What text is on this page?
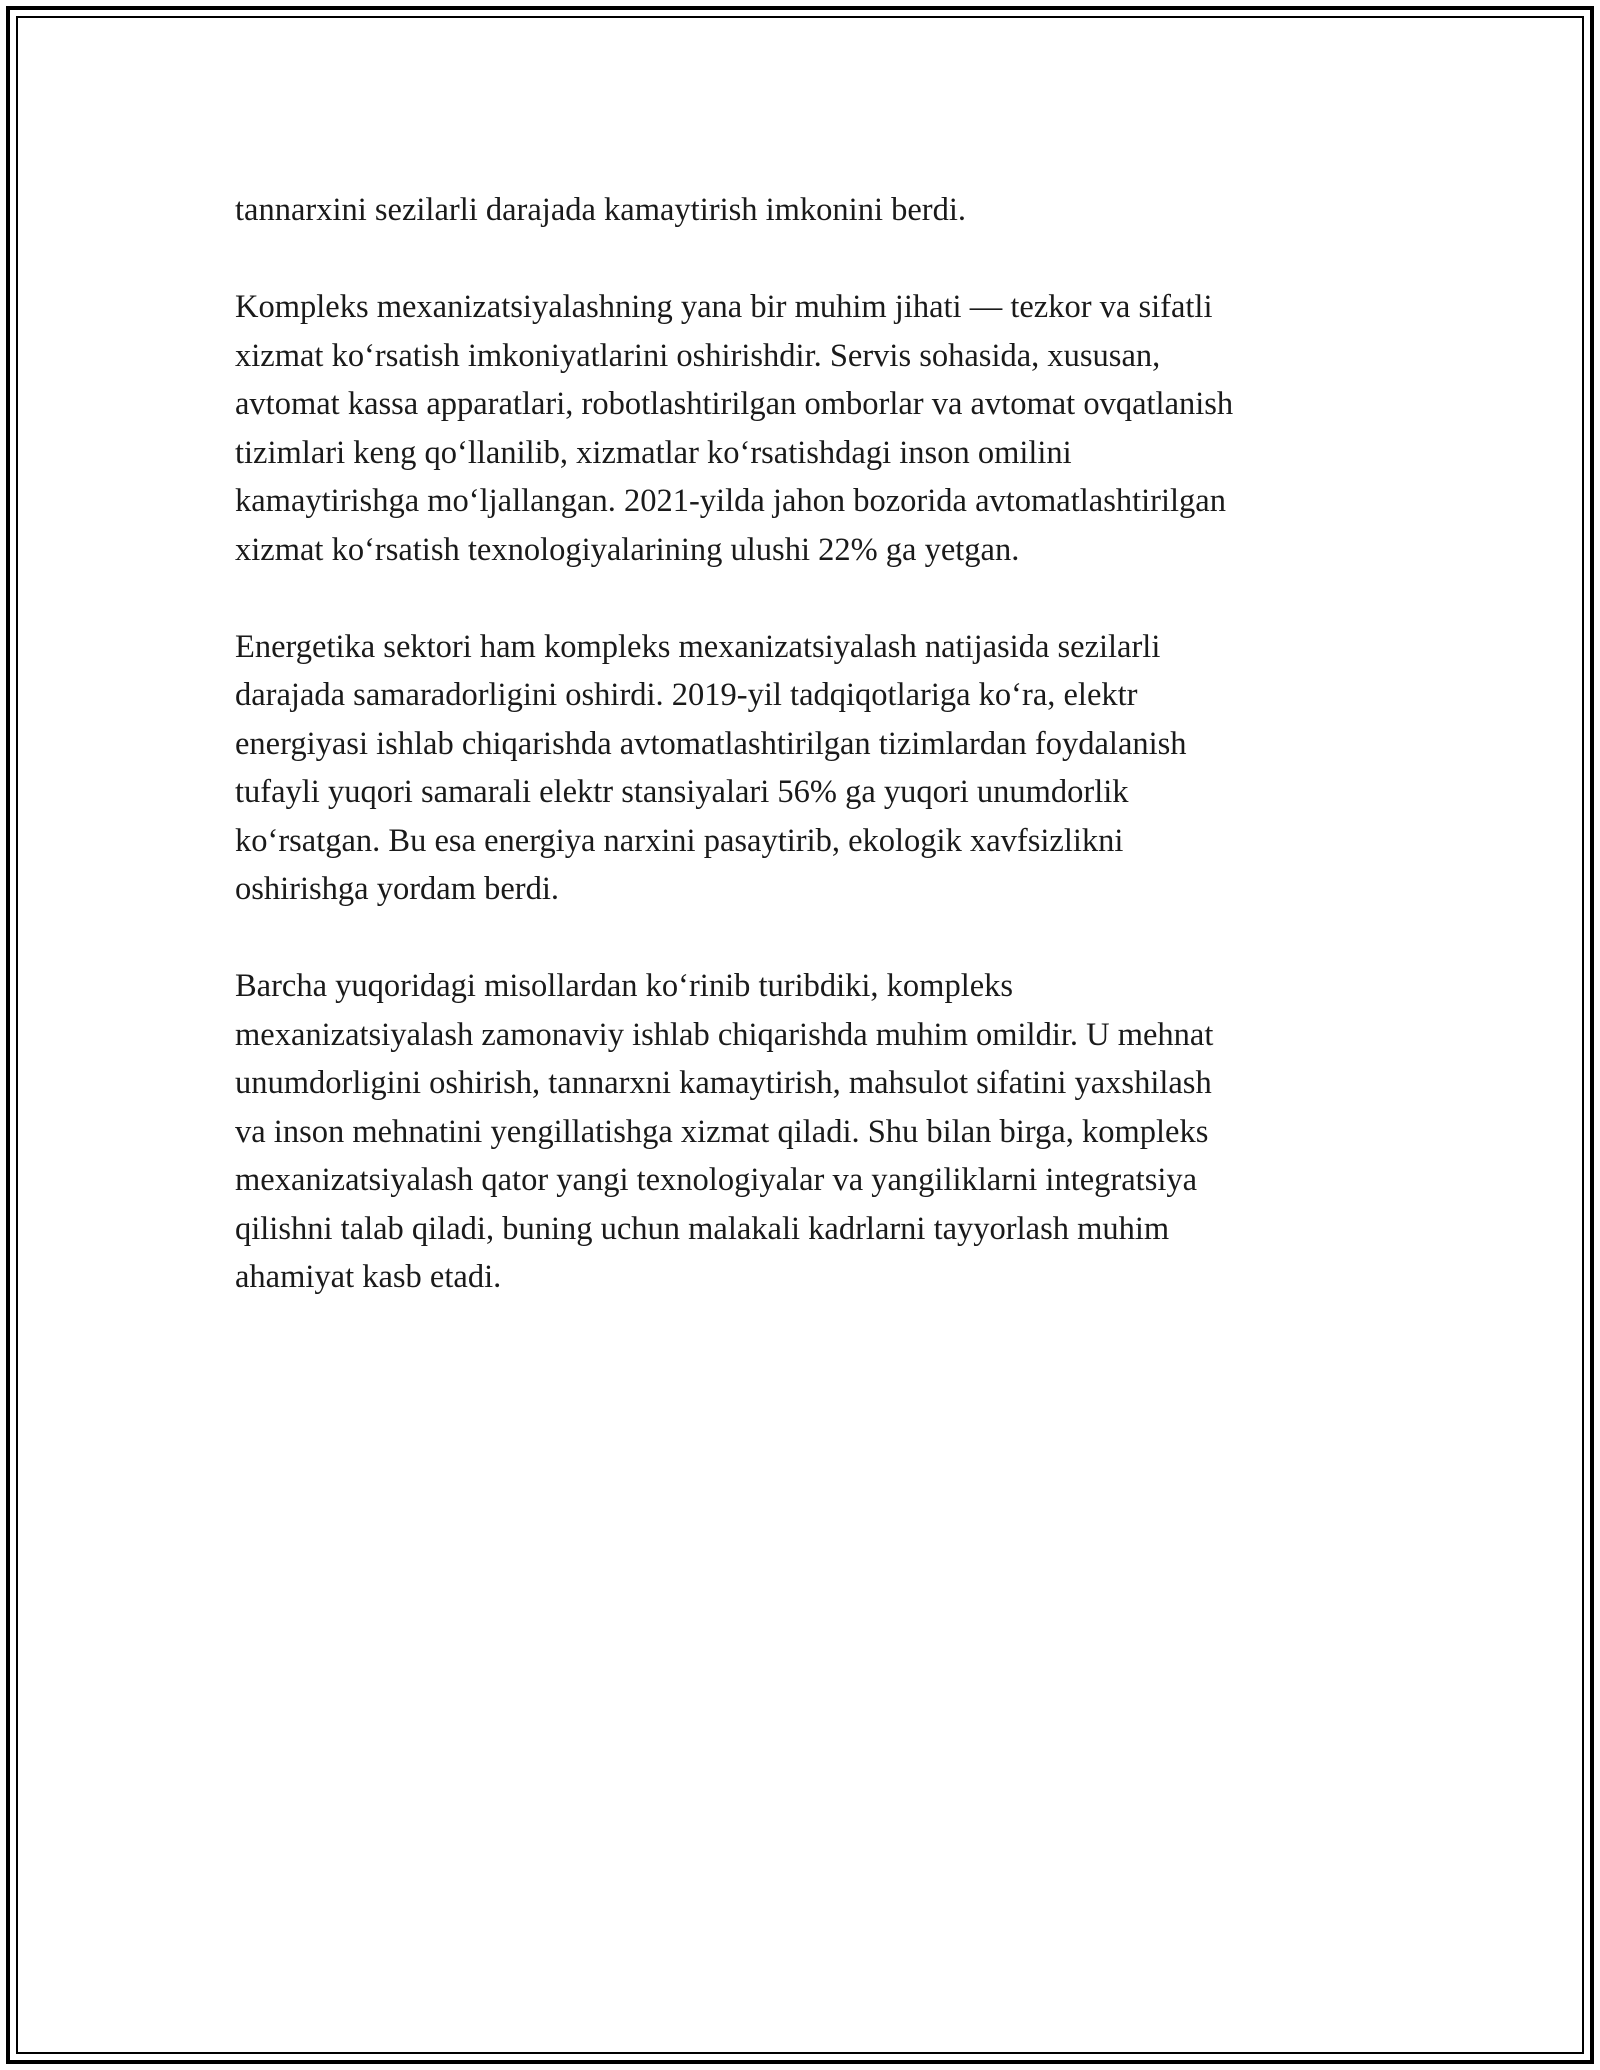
tannarxini sezilarli darajada kamaytirish imkonini berdi.

Kompleks mexanizatsiyalashning yana bir muhim jihati — tezkor va sifatli
xizmat ko‘rsatish imkoniyatlarini oshirishdir. Servis sohasida, xususan,
avtomat kassa apparatlari, robotlashtirilgan omborlar va avtomat ovqatlanish
tizimlari keng qo‘llanilib, xizmatlar ko‘rsatishdagi inson omilini
kamaytirishga mo‘ljallangan. 2021-yilda jahon bozorida avtomatlashtirilgan
xizmat ko‘rsatish texnologiyalarining ulushi 22% ga yetgan.

Energetika sektori ham kompleks mexanizatsiyalash natijasida sezilarli
darajada samaradorligini oshirdi. 2019-yil tadqiqotlariga ko‘ra, elektr
energiyasi ishlab chiqarishda avtomatlashtirilgan tizimlardan foydalanish
tufayli yuqori samarali elektr stansiyalari 56% ga yuqori unumdorlik
ko‘rsatgan. Bu esa energiya narxini pasaytirib, ekologik xavfsizlikni
oshirishga yordam berdi.

Barcha yuqoridagi misollardan ko‘rinib turibdiki, kompleks
mexanizatsiyalash zamonaviy ishlab chiqarishda muhim omildir. U mehnat
unumdorligini oshirish, tannarxni kamaytirish, mahsulot sifatini yaxshilash
va inson mehnatini yengillatishga xizmat qiladi. Shu bilan birga, kompleks
mexanizatsiyalash qator yangi texnologiyalar va yangiliklarni integratsiya
qilishni talab qiladi, buning uchun malakali kadrlarni tayyorlash muhim
ahamiyat kasb etadi.
